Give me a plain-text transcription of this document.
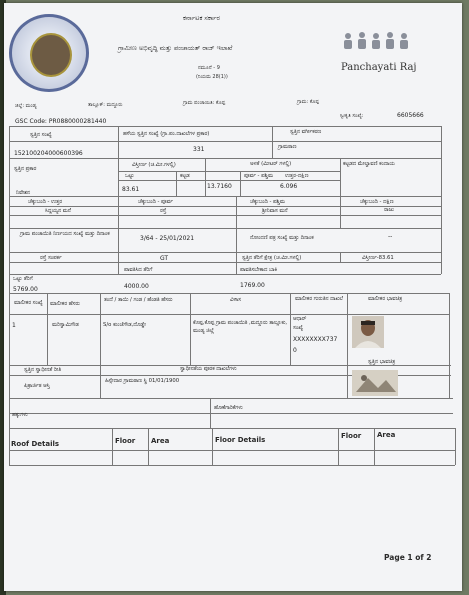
Panchayati Raj
ಕರ್ನಾಟಕ ಸರ್ಕಾರ
ಗ್ರಾಮೀಣ ಅಭಿವೃದ್ಧಿ ಮತ್ತು ಪಂಚಾಯತ್ ರಾಜ್ ಇಲಾಖೆ
ನಮೂನೆ - 9
(ನಿಯಮ 28(1))
ಜಿಲ್ಲೆ: ಮಂಡ್ಯ	ತಾಲ್ಲೂಕ್: ಮದ್ದೂರು	ಗ್ರಾಮ ಪಂಚಾಯಿತಿ: ಕೊಪ್ಪ	ಗ್ರಾಮ: ಕೊಪ್ಪ
ಸ್ವೀಕೃತಿ ಸಂಖ್ಯೆ:	6605666
GSC Code: PR0880000281440
ಸ್ವತ್ತಿನ ಸಂಖ್ಯೆ	ಹಳೆಯ ಸ್ವತ್ತಿನ ಸಂಖ್ಯೆ (ಗ್ರಾ.ಪಂ.ದಾಖಲೆಗಳ ಪ್ರಕಾರ)	ಸ್ವತ್ತಿನ ವರ್ಗೀಕರಣ
152100204000600396
331	ಗ್ರಾಮಠಾಣ
ಸ್ವತ್ತಿನ ಪ್ರಕಾರ
ವಿಸ್ತೀರ್ಣ (ಚ.ಮೀ.ಗಳಲ್ಲಿ)	ಅಳತೆ (ಮೀಟರ್ ಗಳಲ್ಲಿ)	ಕಟ್ಟಡದ ಮೇಲ್ಚಾವಣಿ ಕಂದಾಯ
ಒಟ್ಟು	ಕಟ್ಟಡ	ಪೂರ್ವ - ಪಶ್ಚಿಮ ಉತ್ತರ-ದಕ್ಷಿಣ
ನಿವೇಶನ	83.61	13.7160	6.096
ಚೆಕ್ಕುಬಂದಿ - ಉತ್ತರ	ಚೆಕ್ಕುಬಂದಿ - ಪೂರ್ವ	ಚೆಕ್ಕುಬಂದಿ - ಪಶ್ಚಿಮ	ಚೆಕ್ಕುಬಂದಿ - ದಕ್ಷಿಣ
ಸಿದ್ದಯ್ಯನ ಮನೆ	ರಸ್ತೆ	ಶ್ರೀನಿವಾಸ ಮನೆ	ರಾಜು
ಗ್ರಾಮ ಪಂಚಾಯಿತಿ ನಿರ್ಣಯದ ಸಂಖ್ಯೆ ಮತ್ತು ದಿನಾಂಕ
3/64 - 25/01/2021	ನೋಂದಣಿ ಪತ್ರ ಸಂಖ್ಯೆ ಮತ್ತು ದಿನಾಂಕ	--
ರಸ್ತೆ ಸಂಪರ್ಕ	GT	ಸ್ವತ್ತಿನ ತೆರಿಗೆ ಕ್ಷೇತ್ರ (ಚ.ಮೀ.ಗಳಲ್ಲಿ)	ವಿಸ್ತೀರ್ಣ-83.61
ಒಟ್ಟು ತೆರಿಗೆ
ಪಾವತಿಸಿದ ತೆರಿಗೆ	ಪಾವತಿಸಬೇಕಾದ ಬಾಕಿ
5769.00	4000.00	1769.00
ಮಾಲೀಕರ ಸಂಖ್ಯೆ ಮಾಲೀಕರ ಹೆಸರು
ತಂದೆ / ತಾಯಿ / ಗಂಡ / ಹೆಂಡತಿ ಹೆಸರು	ವಿಳಾಸ	ಮಾಲೀಕರ ಗುರುತಿನ ದಾಖಲೆ	ಮಾಲೀಕರ ಭಾವಚಿತ್ರ
1	ಮರಿಸ್ವಾಮಿಗೌಡ	S/o ಕುಂಚೆಗೌಡ,ದೊಡ್ಡೇ	ಕೊಪ್ಪ,ಕೊಪ್ಪ ಗ್ರಾಮ ಪಂಚಾಯಿತಿ ,ಮದ್ದೂರು ತಾಲ್ಲೂಕು, ಮಂಡ್ಯ ಜಿಲ್ಲೆ
ಆಧಾರ್
ಸಂಖ್ಯೆ
XXXXXXXX737
0
ಸ್ವತ್ತಿನ ಸ್ವಾಧೀನತೆ ರೀತಿ	ಸ್ವಾಧೀನತೆಯ ಪೂರಕ ದಾಖಲೆಗಳು
ಸ್ವತ್ತಿನ ಭಾವಚಿತ್ರ
ಪಿತ್ರಾರ್ಜಿತ ಆಸ್ತಿ
ಹಿಸ್ಸೇದಾರ ಗ್ರಾಮಠಾಣ ಸ್ಥಿ 01/01/1900
ಹಕ್ಕುಗಳು
ಹೊಣೆಗಾರಿಕೆಗಳು
Roof Details	Floor Area	Floor Details	Floor Area
Page 1 of 2
